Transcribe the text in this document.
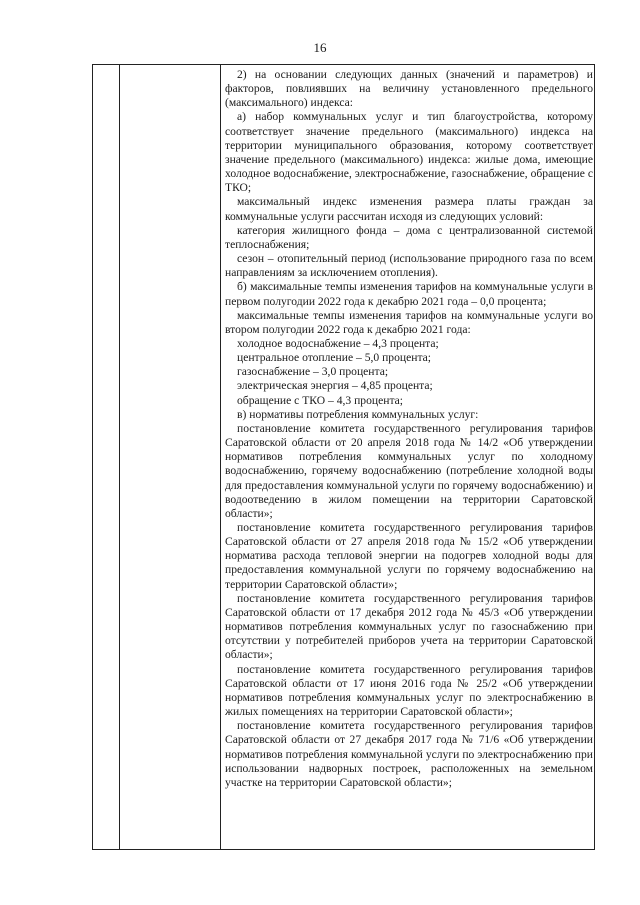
16

2) на основании следующих данных (значений и параметров) и факторов, повлиявших на величину установленного предельного (максимального) индекса:

а) набор коммунальных услуг и тип благоустройства, которому соответствует значение предельного (максимального) индекса на территории муниципального образования, которому соответствует значение предельного (максимального) индекса: жилые дома, имеющие холодное водоснабжение, электроснабжение, газоснабжение, обращение с ТКО;

максимальный индекс изменения размера платы граждан за коммунальные услуги рассчитан исходя из следующих условий:

категория жилищного фонда – дома с централизованной системой теплоснабжения;

сезон – отопительный период (использование природного газа по всем направлениям за исключением отопления).

б) максимальные темпы изменения тарифов на коммунальные услуги в первом полугодии 2022 года к декабрю 2021 года – 0,0 процента;

максимальные темпы изменения тарифов на коммунальные услуги во втором полугодии 2022 года к декабрю 2021 года:

холодное водоснабжение – 4,3 процента;

центральное отопление – 5,0 процента;

газоснабжение – 3,0 процента;

электрическая энергия – 4,85 процента;

обращение с ТКО – 4,3 процента;

в) нормативы потребления коммунальных услуг:

постановление комитета государственного регулирования тарифов Саратовской области от 20 апреля 2018 года № 14/2 «Об утверждении нормативов потребления коммунальных услуг по холодному водоснабжению, горячему водоснабжению (потребление холодной воды для предоставления коммунальной услуги по горячему водоснабжению) и водоотведению в жилом помещении на территории Саратовской области»;

постановление комитета государственного регулирования тарифов Саратовской области от 27 апреля 2018 года № 15/2 «Об утверждении норматива расхода тепловой энергии на подогрев холодной воды для предоставления коммунальной услуги по горячему водоснабжению на территории Саратовской области»;

постановление комитета государственного регулирования тарифов Саратовской области от 17 декабря 2012 года № 45/3 «Об утверждении нормативов потребления коммунальных услуг по газоснабжению при отсутствии у потребителей приборов учета на территории Саратовской области»;

постановление комитета государственного регулирования тарифов Саратовской области от 17 июня 2016 года № 25/2 «Об утверждении нормативов потребления коммунальных услуг по электроснабжению в жилых помещениях на территории Саратовской области»;

постановление комитета государственного регулирования тарифов Саратовской области от 27 декабря 2017 года № 71/6 «Об утверждении нормативов потребления коммунальной услуги по электроснабжению при использовании надворных построек, расположенных на земельном участке на территории Саратовской области»;
